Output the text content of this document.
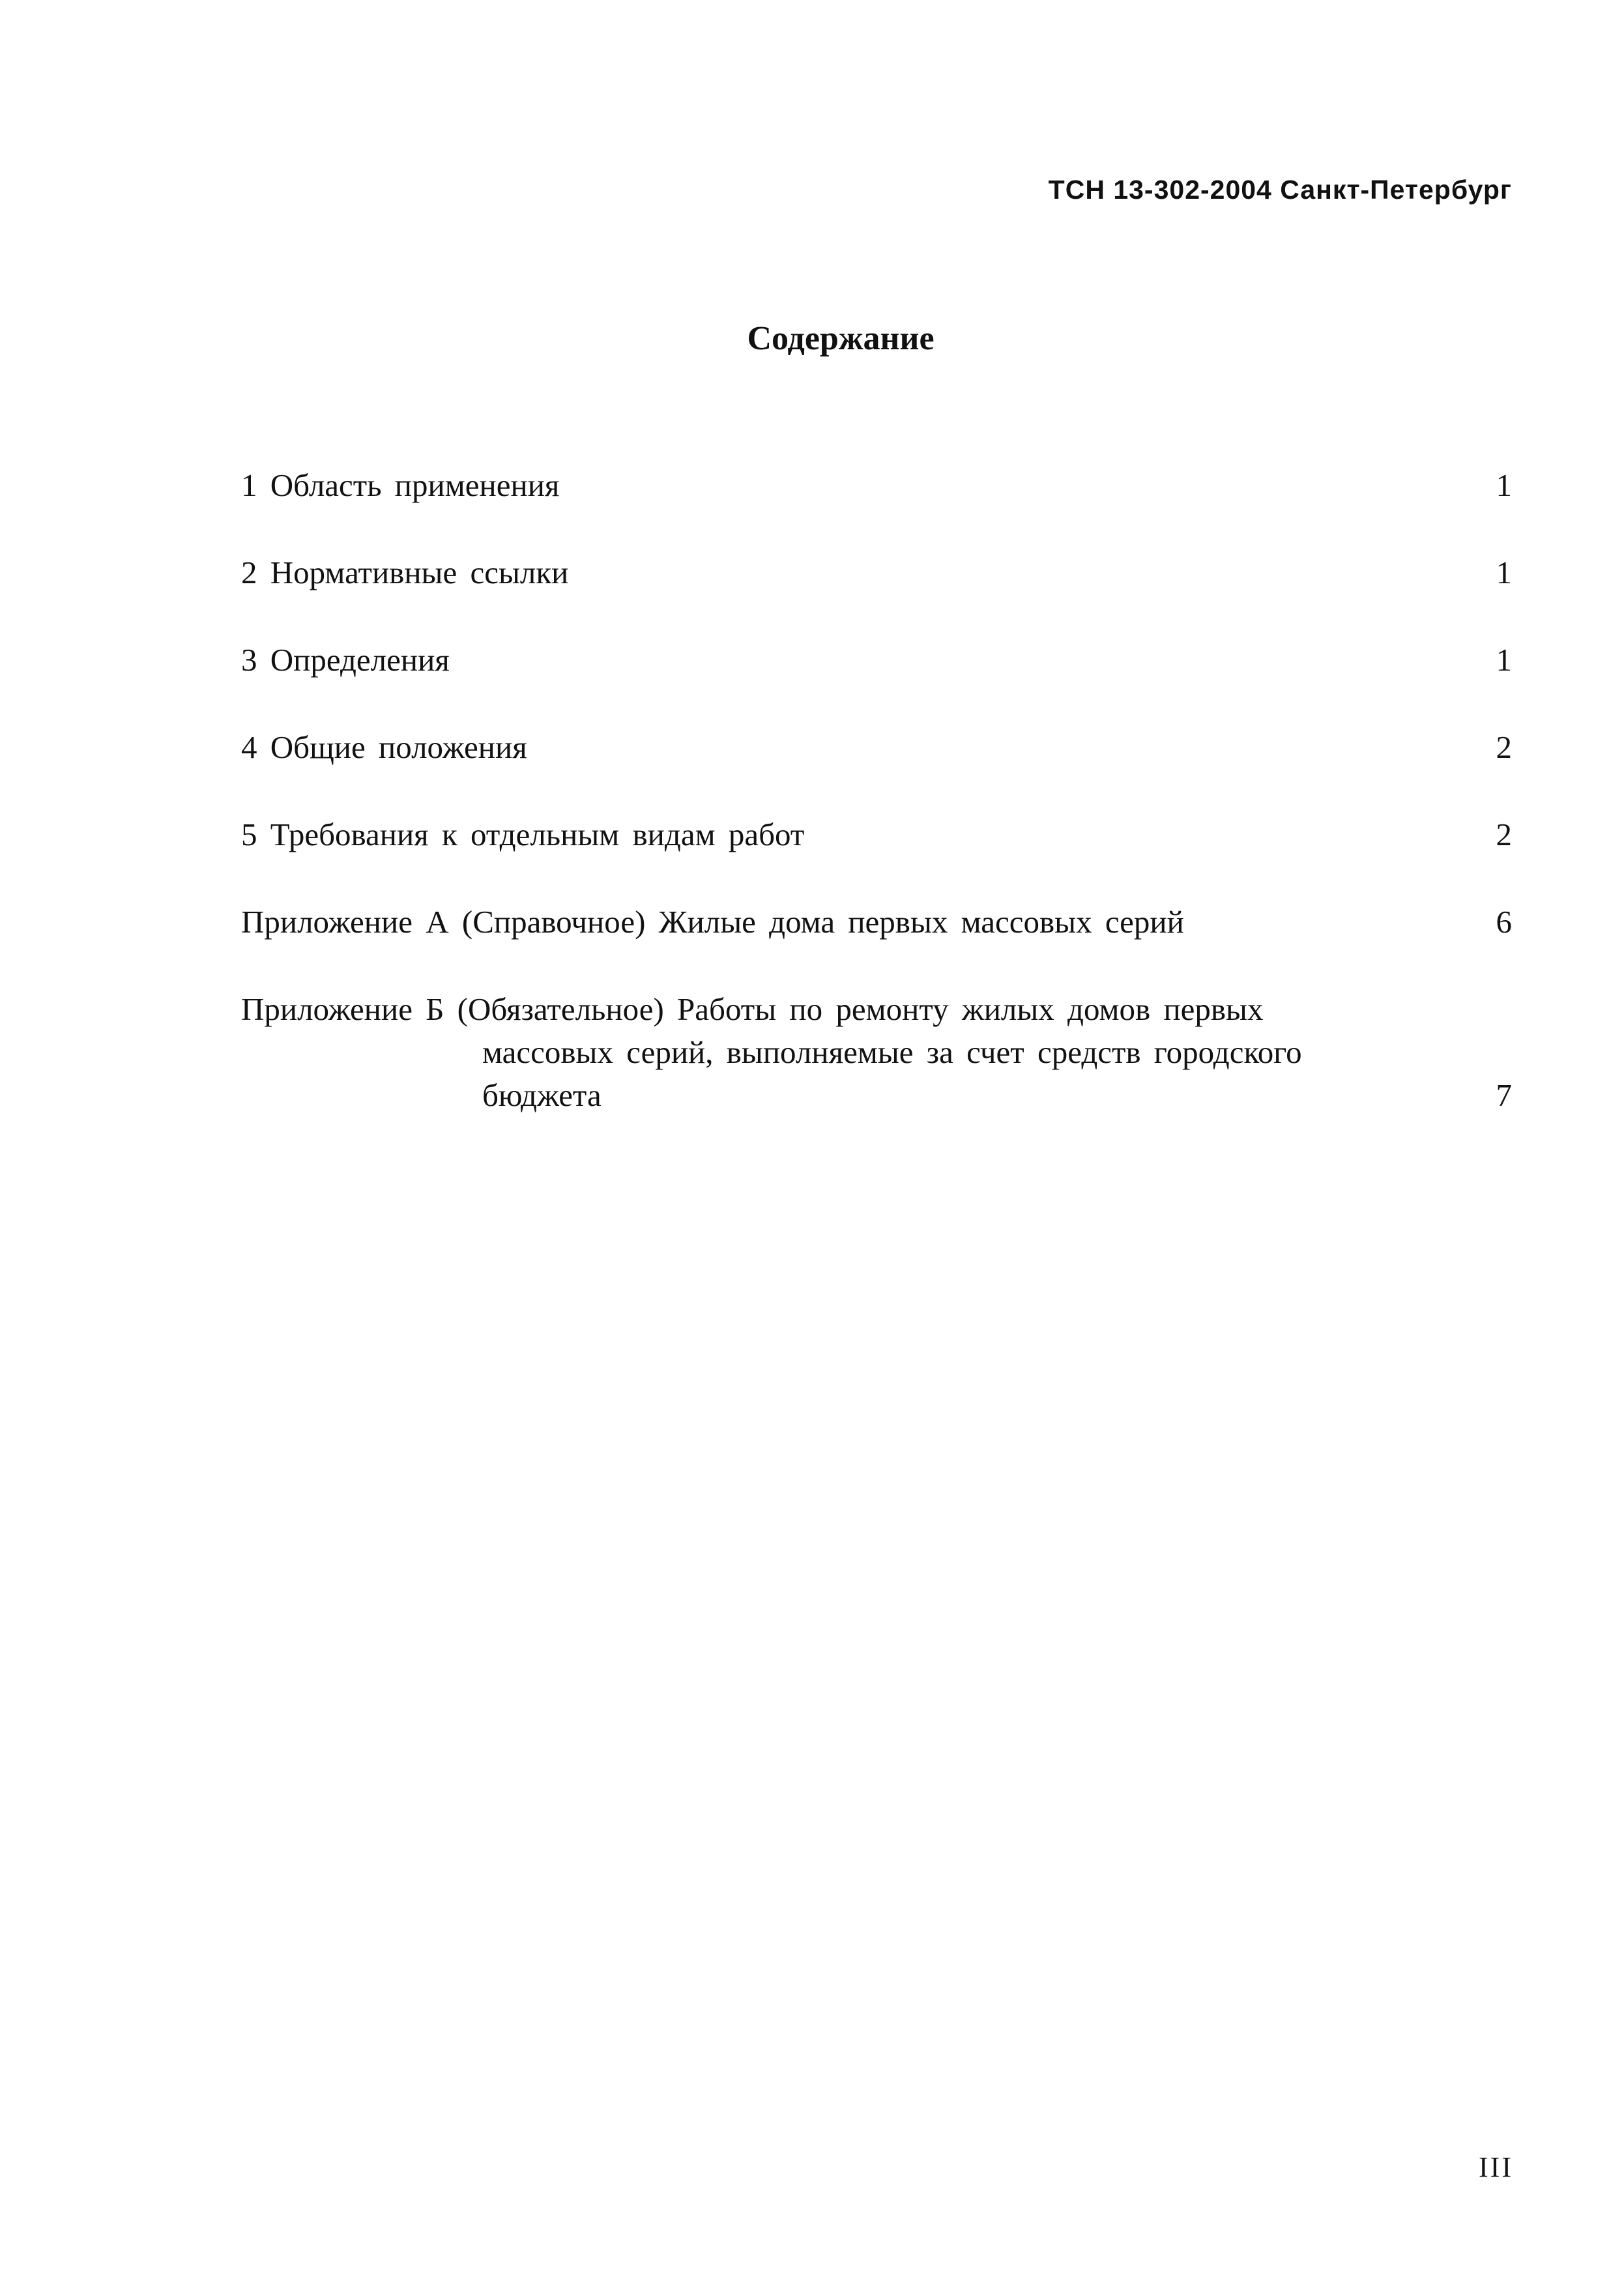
ТСН 13-302-2004 Санкт-Петербург
Содержание
1 Область применения	1
2 Нормативные ссылки	1
3 Определения	1
4 Общие положения	2
5 Требования к отдельным видам работ	2
Приложение А (Справочное) Жилые дома первых массовых серий	6
Приложение Б (Обязательное) Работы по ремонту жилых домов первых
массовых серий, выполняемые за счет средств городского
бюджета	7
III
